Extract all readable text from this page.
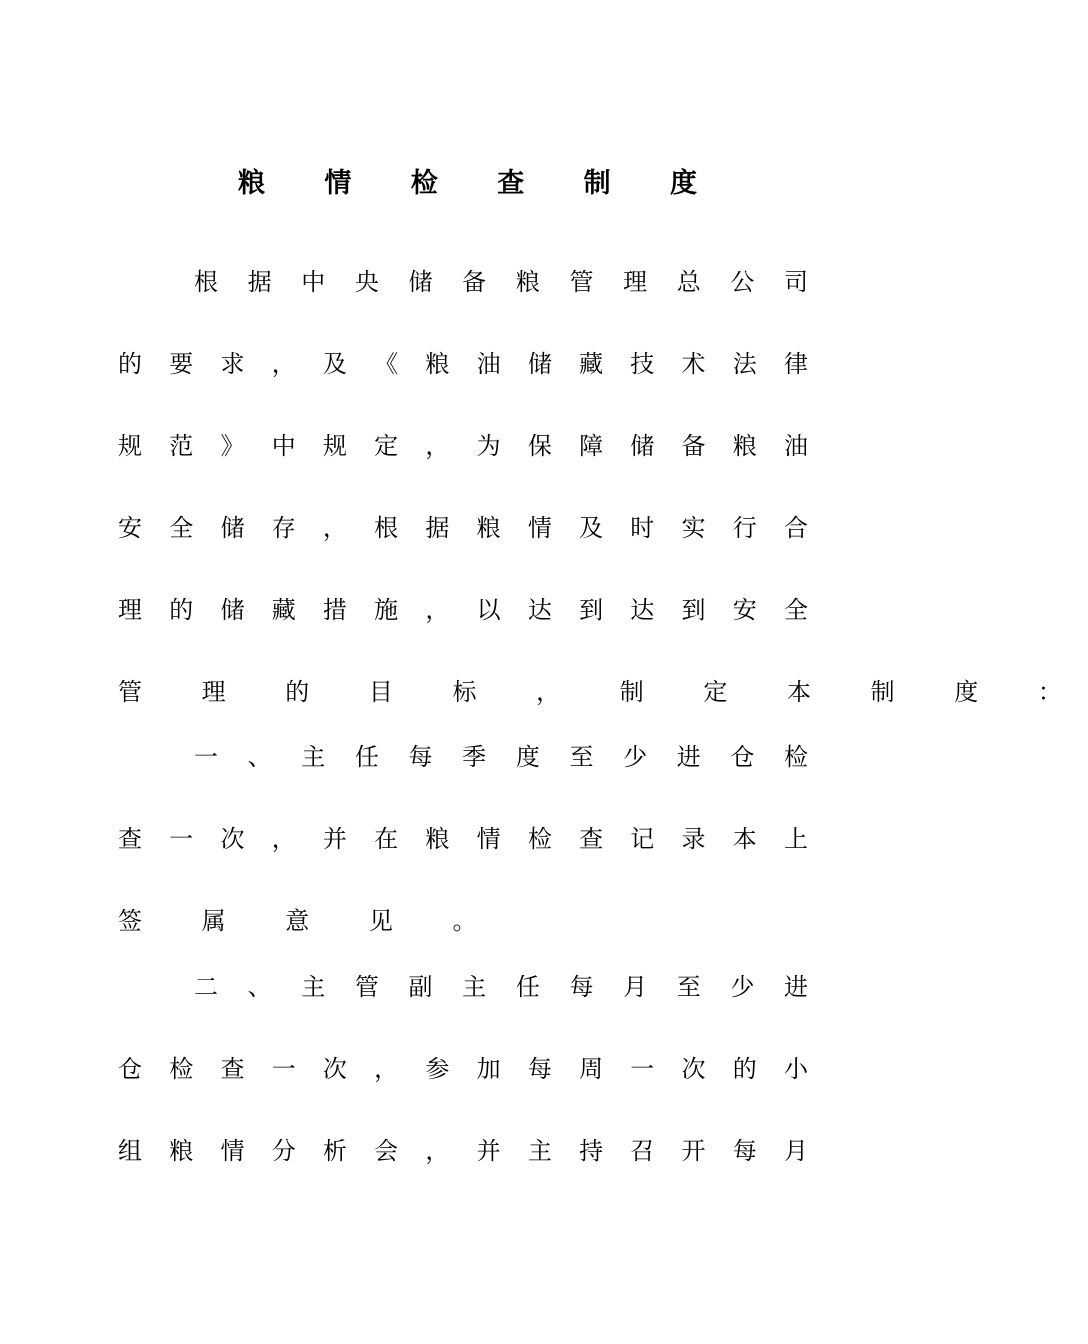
粮 情 检 查 制 度
根 据 中 央 储 备 粮 管 理 总 公 司
的 要 求 ， 及 《 粮 油 储 藏 技 术 法 律
规 范 》 中 规 定 ， 为 保 障 储 备 粮 油
安 全 储 存 ， 根 据 粮 情 及 时 实 行 合
理 的 储 藏 措 施 ， 以 达 到 达 到 安 全
管 理 的 目 标 ， 制 定 本 制 度 ：
一 、 主 任 每 季 度 至 少 进 仓 检
查 一 次 ， 并 在 粮 情 检 查 记 录 本 上
签 属 意 见 。
二 、 主 管 副 主 任 每 月 至 少 进
仓 检 查 一 次 ， 参 加 每 周 一 次 的 小
组 粮 情 分 析 会 ， 并 主 持 召 开 每 月
